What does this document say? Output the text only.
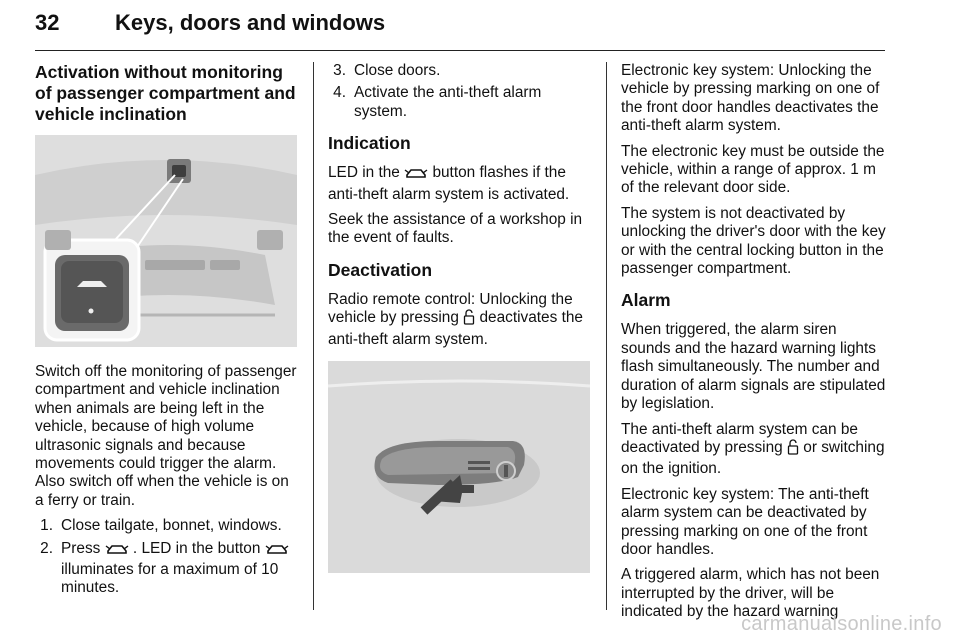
32	Keys, doors and windows
Activation without monitoring of passenger compartment and vehicle inclination
Switch off the monitoring of passenger compartment and vehicle inclination when animals are being left in the vehicle, because of high volume ultrasonic signals and because movements could trigger the alarm. Also switch off when the vehicle is on a ferry or train.
1. Close tailgate, bonnet, windows.
2. Press . LED in the button  illuminates for a maximum of 10 minutes.
3. Close doors.
4. Activate the anti-theft alarm system.
Indication
LED in the button flashes if the anti-theft alarm system is activated.
Seek the assistance of a workshop in the event of faults.
Deactivation
Radio remote control: Unlocking the vehicle by pressing deactivates the anti-theft alarm system.
Electronic key system: Unlocking the vehicle by pressing marking on one of the front door handles deactivates the anti-theft alarm system.
The electronic key must be outside the vehicle, within a range of approx. 1 m of the relevant door side.
The system is not deactivated by unlocking the driver's door with the key or with the central locking button in the passenger compartment.
Alarm
When triggered, the alarm siren sounds and the hazard warning lights flash simultaneously. The number and duration of alarm signals are stipulated by legislation.
The anti-theft alarm system can be deactivated by pressing or switching on the ignition.
Electronic key system: The anti-theft alarm system can be deactivated by pressing marking on one of the front door handles.
A triggered alarm, which has not been interrupted by the driver, will be indicated by the hazard warning
carmanualsonline.info
